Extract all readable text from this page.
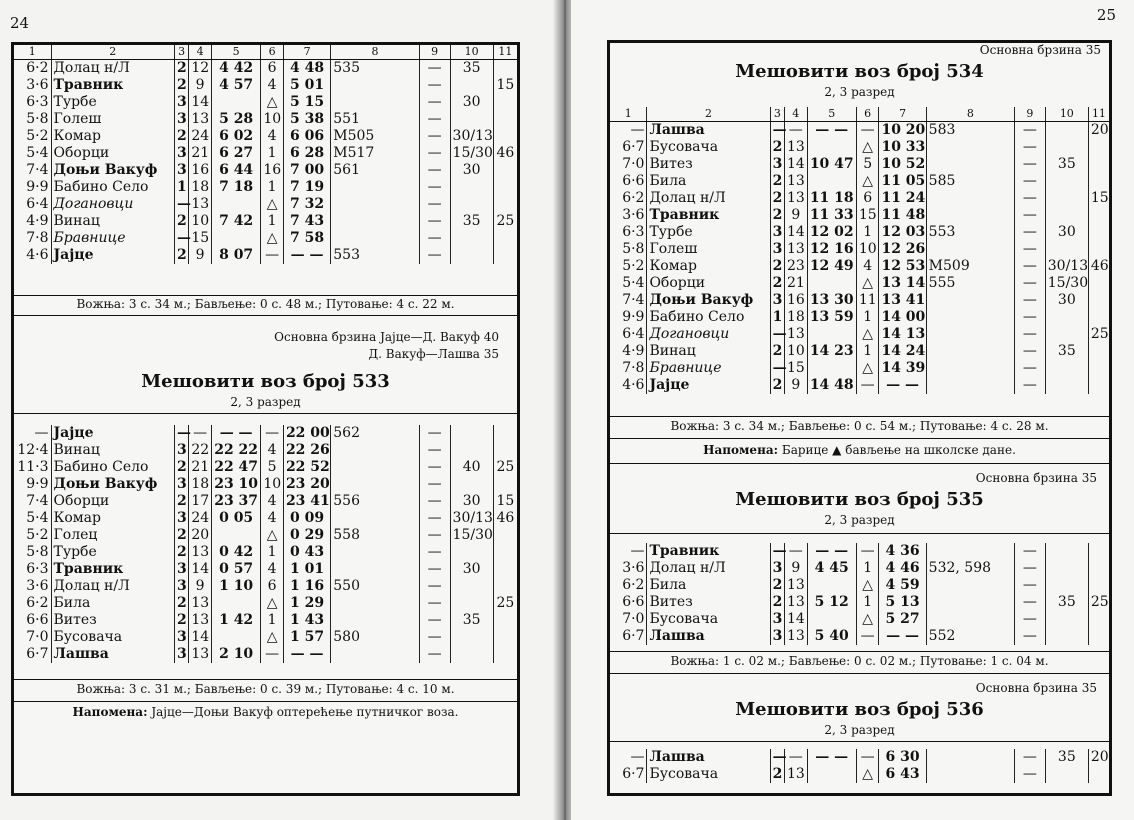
24
1	2	3	4	5	6	7	8	9	10	11
6·2	Долац н/Л	2	12	4 42	6	4 48	535	—	35	
3·6	Травник	2	9	4 57	4	5 01		—		15
6·3	Турбе	3	14		△	5 15		—	30	
5·8	Голеш	3	13	5 28	10	5 38	551	—		
5·2	Комар	2	24	6 02	4	6 06	М505	—	30/13	
5·4	Оборци	3	21	6 27	1	6 28	М517	—	15/30	46
7·4	Доњи Вакуф	3	16	6 44	16	7 00	561	—	30	
9·9	Бабино Село	1	18	7 18	1	7 19		—		
6·4	Догановци	—	13		△	7 32		—		
4·9	Винац	2	10	7 42	1	7 43		—	35	25
7·8	Бравнице	—	15		△	7 58		—		
4·6	Јајце	2	9	8 07	—	— —	553	—		
Вожња: 3 с. 34 м.; Бављење: 0 с. 48 м.; Путовање: 4 с. 22 м.
Основна брзина Јајце—Д. Вакуф 40
Д. Вакуф—Лашва 35
Мешовити воз број 533
2, 3 разред
—	Јајце	—	—	— —	—	22 00	562	—		
12·4	Винац	3	22	22 22	4	22 26		—		
11·3	Бабино Село	2	21	22 47	5	22 52		—	40	25
9·9	Доњи Вакуф	3	18	23 10	10	23 20		—		
7·4	Оборци	2	17	23 37	4	23 41	556	—	30	15
5·4	Комар	3	24	0 05	4	0 09		—	30/13	46
5·2	Голец	2	20		△	0 29	558	—	15/30	
5·8	Турбе	2	13	0 42	1	0 43		—		
6·3	Травник	3	14	0 57	4	1 01		—	30	
3·6	Долац н/Л	3	9	1 10	6	1 16	550	—		
6·2	Била	2	13		△	1 29		—		25
6·6	Витез	2	13	1 42	1	1 43		—	35	
7·0	Бусовача	3	14		△	1 57	580	—		
6·7	Лашва	3	13	2 10	—	— —		—		
Вожња: 3 с. 31 м.; Бављење: 0 с. 39 м.; Путовање: 4 с. 10 м.
Напомена: Јајце—Доњи Вакуф оптерећење путничког воза.
25
Основна брзина 35
Мешовити воз број 534
2, 3 разред
1	2	3	4	5	6	7	8	9	10	11
—	Лашва	—	—	— —	—	10 20	583	—		20
6·7	Бусовача	2	13		△	10 33		—		
7·0	Витез	3	14	10 47	5	10 52		—	35	
6·6	Била	2	13		△	11 05	585	—		
6·2	Долац н/Л	2	13	11 18	6	11 24		—		15
3·6	Травник	2	9	11 33	15	11 48		—		
6·3	Турбе	3	14	12 02	1	12 03	553	—	30	
5·8	Голеш	3	13	12 16	10	12 26		—		
5·2	Комар	2	23	12 49	4	12 53	М509	—	30/13	46
5·4	Оборци	2	21		△	13 14	555	—	15/30	
7·4	Доњи Вакуф	3	16	13 30	11	13 41		—	30	
9·9	Бабино Село	1	18	13 59	1	14 00		—		
6·4	Догановци	—	13		△	14 13		—		25
4·9	Винац	2	10	14 23	1	14 24		—	35	
7·8	Бравнице	—	15		△	14 39		—		
4·6	Јајце	2	9	14 48	—	— —		—		
Вожња: 3 с. 34 м.; Бављење: 0 с. 54 м.; Путовање: 4 с. 28 м.
Напомена: Барице ▲ бављење на школске дане.
Основна брзина 35
Мешовити воз број 535
2, 3 разред
—	Травник	—	—	— —	—	4 36		—		
3·6	Долац н/Л	3	9	4 45	1	4 46	532, 598	—		
6·2	Била	2	13		△	4 59		—		
6·6	Витез	2	13	5 12	1	5 13		—	35	25
7·0	Бусовача	3	14		△	5 27		—		
6·7	Лашва	3	13	5 40	—	— —	552	—		
Вожња: 1 с. 02 м.; Бављење: 0 с. 02 м.; Путовање: 1 с. 04 м.
Основна брзина 35
Мешовити воз број 536
2, 3 разред
—	Лашва	—	—	— —	—	6 30		—	35	20
6·7	Бусовача	2	13		△	6 43		—		
